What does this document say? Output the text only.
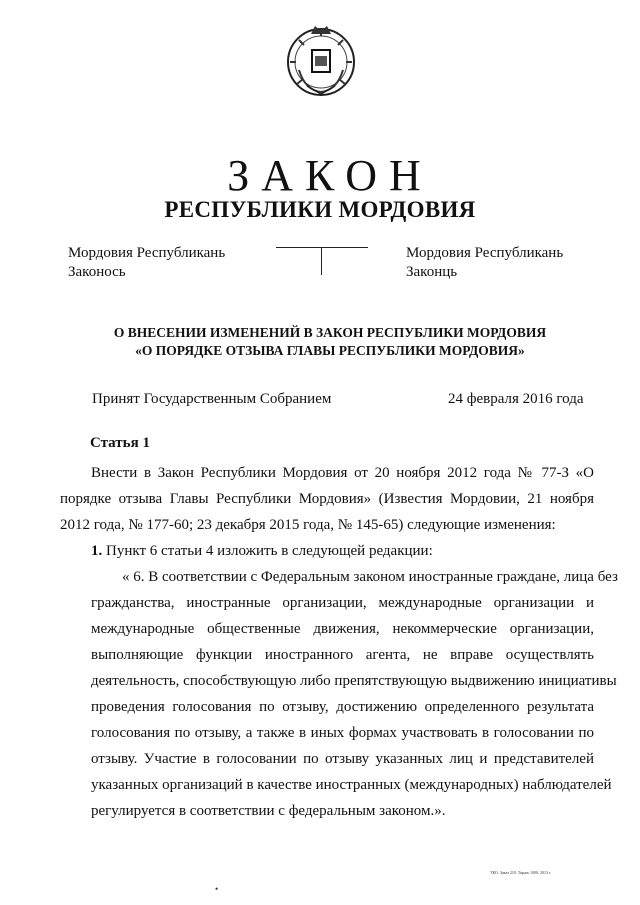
ЗАКОН
РЕСПУБЛИКИ МОРДОВИЯ
Мордовия Республикань
Законось
Мордовия Республикань
Законць
О ВНЕСЕНИИ ИЗМЕНЕНИЙ В ЗАКОН РЕСПУБЛИКИ МОРДОВИЯ
«О ПОРЯДКЕ ОТЗЫВА ГЛАВЫ РЕСПУБЛИКИ МОРДОВИЯ»
Принят Государственным Собранием	24 февраля 2016 года
Статья 1
Внести в Закон Республики Мордовия от 20 ноября 2012 года № 77-З «О порядке отзыва Главы Республики Мордовия» (Известия Мордовии, 21 ноября 2012 года, № 177-60; 23 декабря 2015 года, № 145-65) следующие изменения:
1. Пункт 6 статьи 4 изложить в следующей редакции:
« 6. В соответствии с Федеральным законом иностранные граждане, лица без
гражданства, иностранные организации, международные организации и
международные общественные движения, некоммерческие организации,
выполняющие функции иностранного агента, не вправе осуществлять
деятельность, способствующую либо препятствующую выдвижению инициативы
проведения голосования по отзыву, достижению определенного результата
голосования по отзыву, а также в иных формах участвовать в голосовании по
отзыву. Участие в голосовании по отзыву указанных лиц и представителей
указанных организаций в качестве иностранных (международных) наблюдателей
регулируется в соответствии с федеральным законом.».
ТКО. Заказ 210. Тираж 1000. 2013 г.
•
